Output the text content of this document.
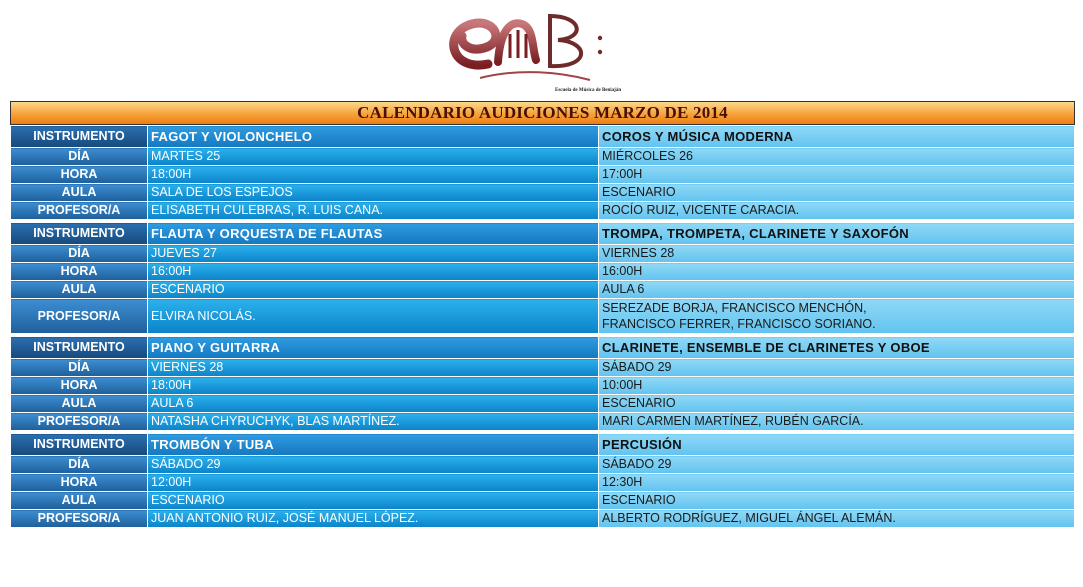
Escuela de Música de Beniaján
CALENDARIO AUDICIONES MARZO DE 2014
INSTRUMENTO	FAGOT Y VIOLONCHELO	COROS Y MÚSICA MODERNA
DÍA	MARTES 25	MIÉRCOLES 26
HORA	18:00H	17:00H
AULA	SALA DE LOS ESPEJOS	ESCENARIO
PROFESOR/A	ELISABETH CULEBRAS, R. LUIS CANA.	ROCÍO RUIZ, VICENTE CARACIA.

INSTRUMENTO	FLAUTA Y ORQUESTA DE FLAUTAS	TROMPA, TROMPETA, CLARINETE Y SAXOFÓN
DÍA	JUEVES 27	VIERNES 28
HORA	16:00H	16:00H
AULA	ESCENARIO	AULA 6
PROFESOR/A	ELVIRA NICOLÁS.	SEREZADE BORJA, FRANCISCO MENCHÓN,
FRANCISCO FERRER, FRANCISCO SORIANO.

INSTRUMENTO	PIANO Y GUITARRA	CLARINETE, ENSEMBLE DE CLARINETES Y OBOE
DÍA	VIERNES 28	SÁBADO 29
HORA	18:00H	10:00H
AULA	AULA 6	ESCENARIO
PROFESOR/A	NATASHA CHYRUCHYK, BLAS MARTÍNEZ.	MARI CARMEN MARTÍNEZ, RUBÉN GARCÍA.

INSTRUMENTO	TROMBÓN Y TUBA	PERCUSIÓN
DÍA	SÁBADO 29	SÁBADO 29
HORA	12:00H	12:30H
AULA	ESCENARIO	ESCENARIO
PROFESOR/A	JUAN ANTONIO RUIZ, JOSÉ MANUEL LÓPEZ.	ALBERTO RODRÍGUEZ, MIGUEL ÁNGEL ALEMÁN.
